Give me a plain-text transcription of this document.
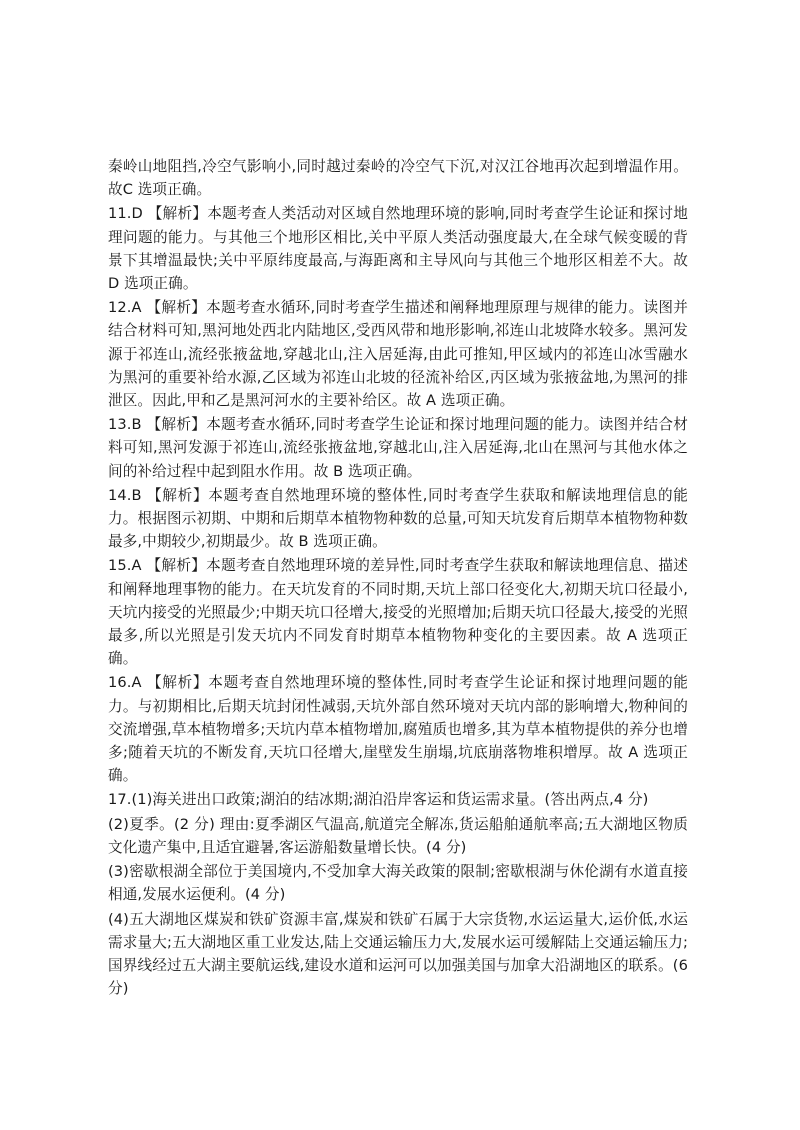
秦岭山地阻挡,冷空气影响小,同时越过秦岭的冷空气下沉,对汉江谷地再次起到增温作用。故C 选项正确。

11.D 【解析】本题考查人类活动对区域自然地理环境的影响,同时考查学生论证和探讨地理问题的能力。与其他三个地形区相比,关中平原人类活动强度最大,在全球气候变暖的背景下其增温最快;关中平原纬度最高,与海距离和主导风向与其他三个地形区相差不大。故 D 选项正确。

12.A 【解析】本题考查水循环,同时考查学生描述和阐释地理原理与规律的能力。读图并结合材料可知,黑河地处西北内陆地区,受西风带和地形影响,祁连山北坡降水较多。黑河发源于祁连山,流经张掖盆地,穿越北山,注入居延海,由此可推知,甲区域内的祁连山冰雪融水为黑河的重要补给水源,乙区域为祁连山北坡的径流补给区,丙区域为张掖盆地,为黑河的排泄区。因此,甲和乙是黑河河水的主要补给区。故 A 选项正确。

13.B 【解析】本题考查水循环,同时考查学生论证和探讨地理问题的能力。读图并结合材料可知,黑河发源于祁连山,流经张掖盆地,穿越北山,注入居延海,北山在黑河与其他水体之间的补给过程中起到阻水作用。故 B 选项正确。

14.B 【解析】本题考查自然地理环境的整体性,同时考查学生获取和解读地理信息的能力。根据图示初期、中期和后期草本植物物种数的总量,可知天坑发育后期草本植物物种数最多,中期较少,初期最少。故 B 选项正确。

15.A 【解析】本题考查自然地理环境的差异性,同时考查学生获取和解读地理信息、描述和阐释地理事物的能力。在天坑发育的不同时期,天坑上部口径变化大,初期天坑口径最小,天坑内接受的光照最少;中期天坑口径增大,接受的光照增加;后期天坑口径最大,接受的光照最多,所以光照是引发天坑内不同发育时期草本植物物种变化的主要因素。故 A 选项正确。

16.A 【解析】本题考查自然地理环境的整体性,同时考查学生论证和探讨地理问题的能力。与初期相比,后期天坑封闭性减弱,天坑外部自然环境对天坑内部的影响增大,物种间的交流增强,草本植物增多;天坑内草本植物增加,腐殖质也增多,其为草本植物提供的养分也增多;随着天坑的不断发育,天坑口径增大,崖壁发生崩塌,坑底崩落物堆积增厚。故 A 选项正确。

17.(1)海关进出口政策;湖泊的结冰期;湖泊沿岸客运和货运需求量。(答出两点,4 分)

(2)夏季。(2 分) 理由:夏季湖区气温高,航道完全解冻,货运船舶通航率高;五大湖地区物质文化遗产集中,且适宜避暑,客运游船数量增长快。(4 分)

(3)密歇根湖全部位于美国境内,不受加拿大海关政策的限制;密歇根湖与休伦湖有水道直接相通,发展水运便利。(4 分)

(4)五大湖地区煤炭和铁矿资源丰富,煤炭和铁矿石属于大宗货物,水运运量大,运价低,水运需求量大;五大湖地区重工业发达,陆上交通运输压力大,发展水运可缓解陆上交通运输压力;国界线经过五大湖主要航运线,建设水道和运河可以加强美国与加拿大沿湖地区的联系。(6 分)
